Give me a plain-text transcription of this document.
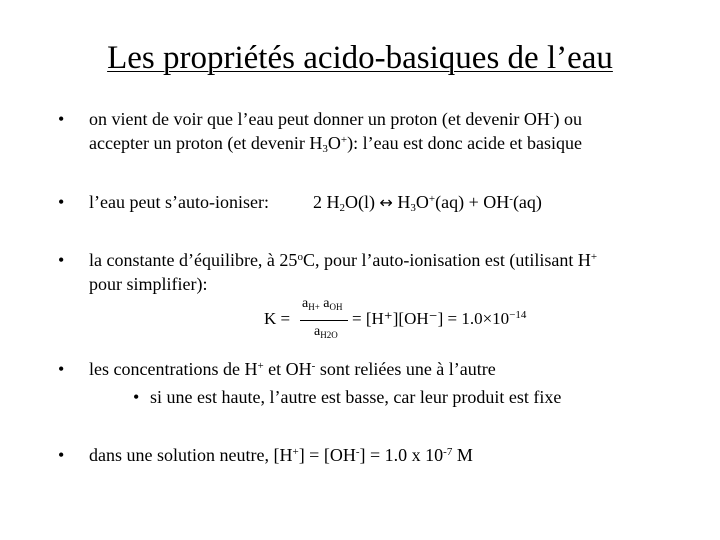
Les propriétés acido-basiques de l’eau
• on vient de voir que l’eau peut donner un proton (et devenir OH-) ou
accepter un proton (et devenir $H_3O^+$): l’eau est donc acide et basique
• l’eau peut s’auto-ioniser: 2 $H_2O(l)$ ↔ $H_3O^+(aq) + OH^-(aq)$
• la constante d’équilibre, à 25$^o$C, pour l’auto-ionisation est (utilisant H+
pour simplifier):
K =
$a_{H+}$ $a_{OH}$
$a_{H2O}$
= $[H^+][OH^-] = 1.0\times 10^{-14}$
• les concentrations de H+ et OH- sont reliées une à l’autre
• si une est haute, l’autre est basse, car leur produit est fixe
• dans une solution neutre, [H+] = [OH-] = 1.0 x $10^{-7}$ M
